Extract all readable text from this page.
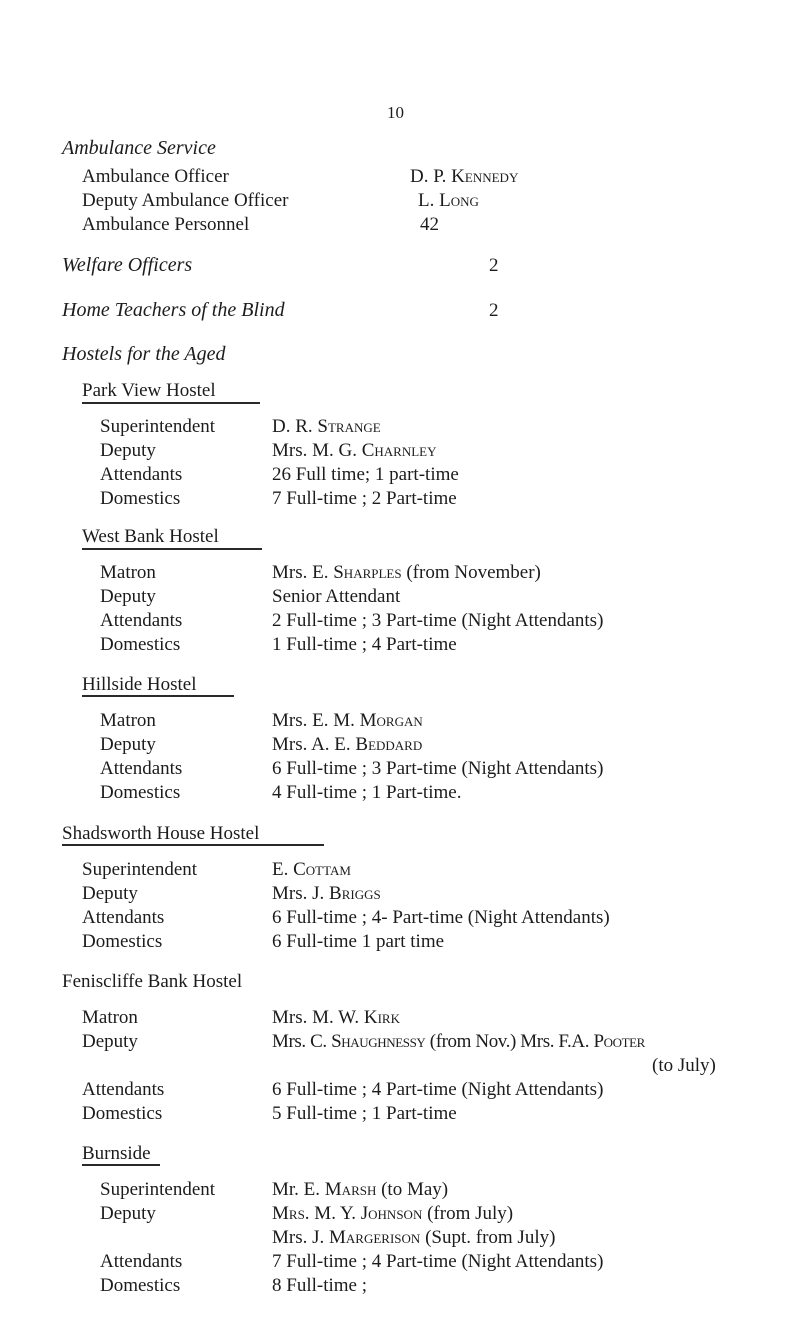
10
Ambulance Service
Ambulance Officer	D. P. Kennedy
Deputy Ambulance Officer	L. Long
Ambulance Personnel	42
Welfare Officers	2
Home Teachers of the Blind	2
Hostels for the Aged
Park View Hostel
Superintendent	D. R. Strange
Deputy	Mrs. M. G. Charnley
Attendants	26 Full time; 1 part-time
Domestics	7 Full-time ; 2 Part-time
West Bank Hostel
Matron	Mrs. E. Sharples (from November)
Deputy	Senior Attendant
Attendants	2 Full-time ; 3 Part-time (Night Attendants)
Domestics	1 Full-time ; 4 Part-time
Hillside Hostel
Matron	Mrs. E. M. Morgan
Deputy	Mrs. A. E. Beddard
Attendants	6 Full-time ; 3 Part-time (Night Attendants)
Domestics	4 Full-time ; 1 Part-time.
Shadsworth House Hostel
Superintendent	E. Cottam
Deputy	Mrs. J. Briggs
Attendants	6 Full-time ; 4- Part-time (Night Attendants)
Domestics	6 Full-time 1 part time
Feniscliffe Bank Hostel
Matron	Mrs. M. W. Kirk
Deputy	Mrs. C. Shaughnessy (from Nov.) Mrs. F.A. Pooter
(to July)
Attendants	6 Full-time ; 4 Part-time (Night Attendants)
Domestics	5 Full-time ; 1 Part-time
Burnside
Superintendent	Mr. E. Marsh (to May)
Deputy	Mrs. M. Y. Johnson (from July)
Mrs. J. Margerison (Supt. from July)
Attendants	7 Full-time ; 4 Part-time (Night Attendants)
Domestics	8 Full-time ;
